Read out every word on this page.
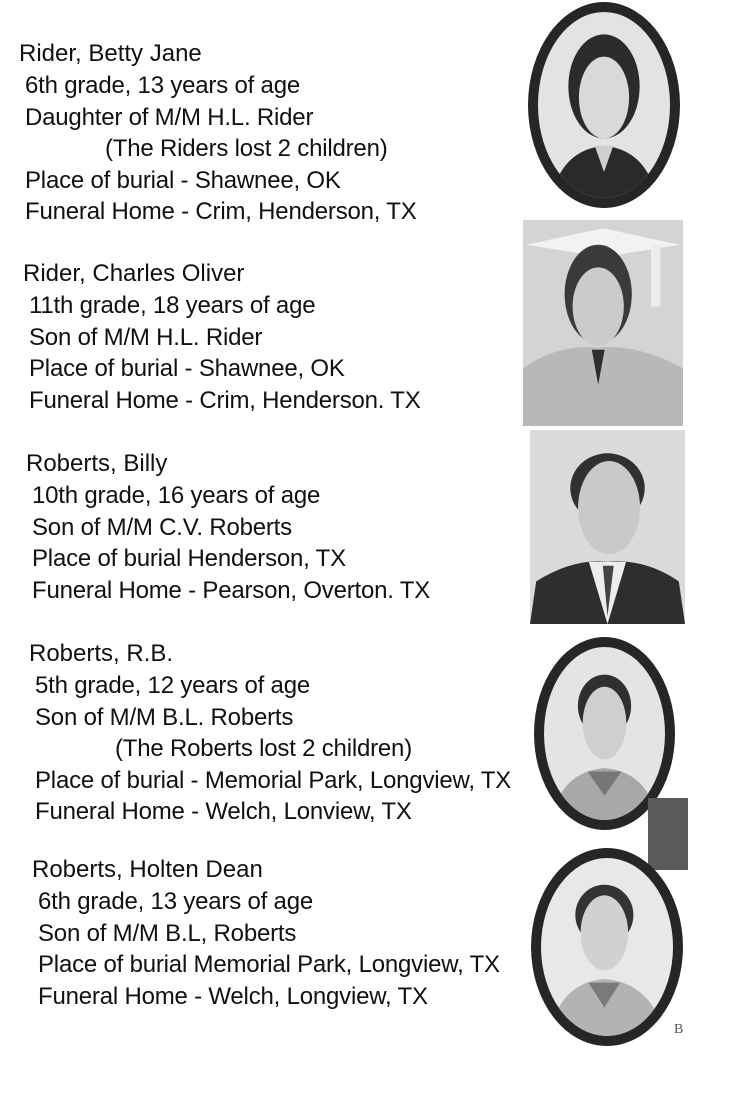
Rider, Betty Jane
6th grade, 13 years of age
Daughter of M/M H.L. Rider
(The Riders lost 2 children)
Place of burial - Shawnee, OK
Funeral Home - Crim, Henderson, TX
Rider, Charles Oliver
11th grade, 18 years of age
Son of M/M H.L. Rider
Place of burial - Shawnee, OK
Funeral Home - Crim, Henderson. TX
Roberts, Billy
10th grade, 16 years of age
Son of M/M C.V. Roberts
Place of burial Henderson, TX
Funeral Home - Pearson, Overton. TX
Roberts, R.B.
5th grade, 12 years of age
Son of M/M B.L. Roberts
(The Roberts lost 2 children)
Place of burial - Memorial Park, Longview, TX
Funeral Home - Welch, Lonview, TX
Roberts, Holten Dean
6th grade, 13 years of age
Son of M/M B.L, Roberts
Place of burial Memorial Park, Longview, TX
Funeral Home - Welch, Longview, TX
B
